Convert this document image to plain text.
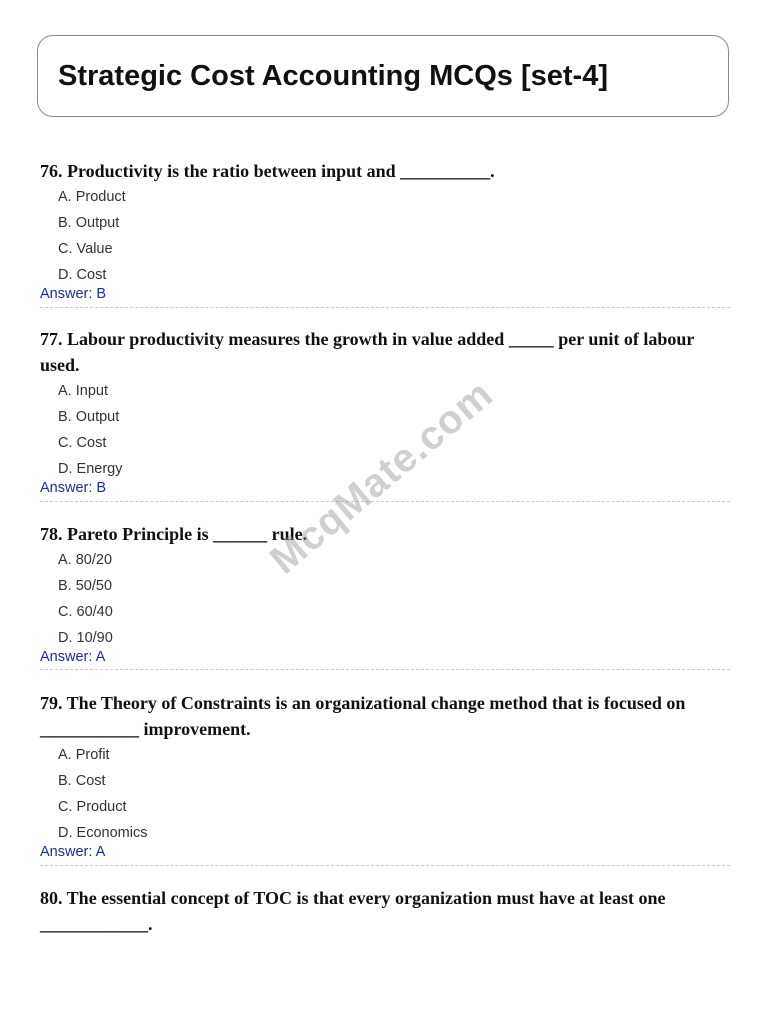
Strategic Cost Accounting MCQs [set-4]

76. Productivity is the ratio between input and __________.

A. Product
B. Output
C. Value
D. Cost
Answer: B

77. Labour productivity measures the growth in value added _____ per unit of labour used.

A. Input
B. Output
C. Cost
D. Energy
Answer: B

78. Pareto Principle is ______ rule.

A. 80/20
B. 50/50
C. 60/40
D. 10/90
Answer: A

79. The Theory of Constraints is an organizational change method that is focused on ___________ improvement.

A. Profit
B. Cost
C. Product
D. Economics
Answer: A

80. The essential concept of TOC is that every organization must have at least one ____________.

McqMate.com
